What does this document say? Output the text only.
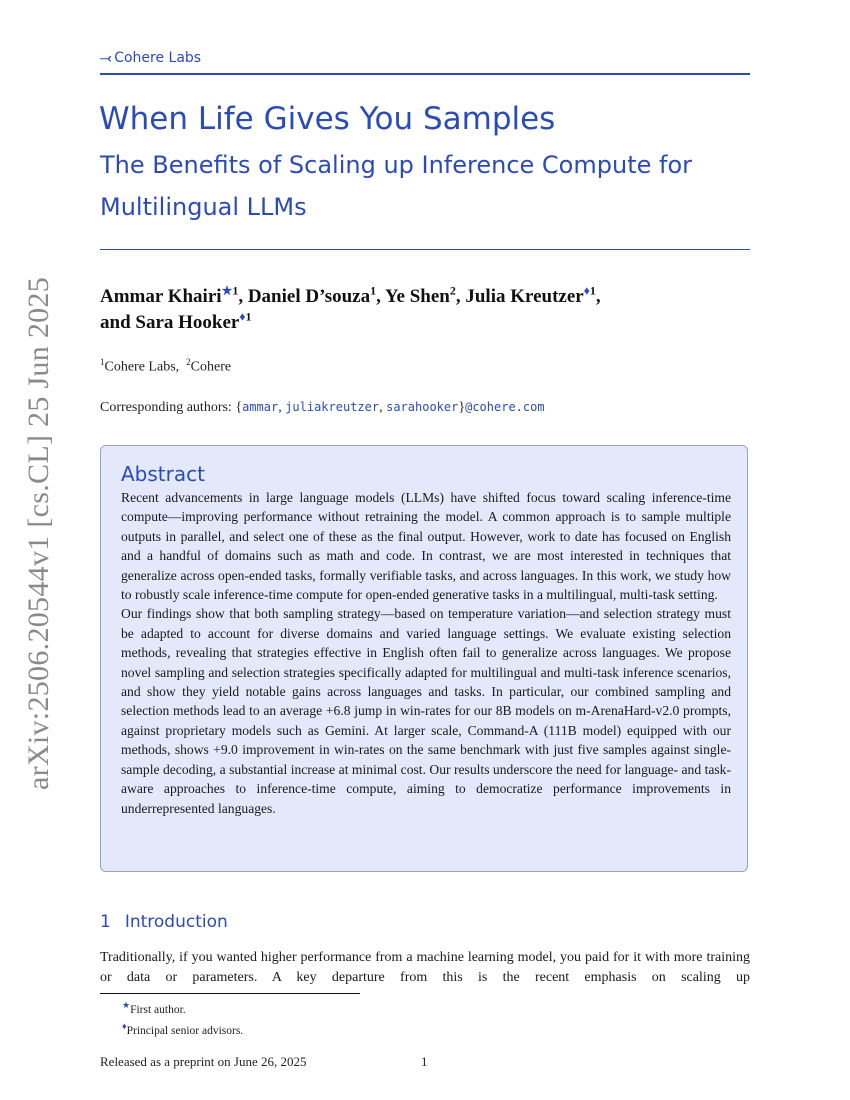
arXiv:2506.20544v1 [cs.CL] 25 Jun 2025
⤙ Cohere Labs
When Life Gives You Samples
The Benefits of Scaling up Inference Compute for Multilingual LLMs
Ammar Khairi$^{★1}$, Daniel D’souza$^1$, Ye Shen$^2$, Julia Kreutzer$^{♦1}$,
and Sara Hooker$^{♦1}$
$^1$Cohere Labs, $^2$Cohere
Corresponding authors: {ammar, juliakreutzer, sarahooker}@cohere.com
Abstract

Recent advancements in large language models (LLMs) have shifted focus toward scaling inference-time compute—improving performance without retraining the model. A common approach is to sample multiple outputs in parallel, and select one of these as the final output. However, work to date has focused on English and a handful of domains such as math and code. In contrast, we are most interested in techniques that generalize across open-ended tasks, formally verifiable tasks, and across languages. In this work, we study how to robustly scale inference-time compute for open-ended generative tasks in a multilingual, multi-task setting.

Our findings show that both sampling strategy—based on temperature variation—and selection strategy must be adapted to account for diverse domains and varied language settings. We evaluate existing selection methods, revealing that strategies effective in English often fail to generalize across languages. We propose novel sampling and selection strategies specifically adapted for multilingual and multi-task inference scenarios, and show they yield notable gains across languages and tasks. In particular, our combined sampling and selection methods lead to an average +6.8 jump in win-rates for our 8B models on m-ArenaHard-v2.0 prompts, against proprietary models such as Gemini. At larger scale, Command-A (111B model) equipped with our methods, shows +9.0 improvement in win-rates on the same benchmark with just five samples against single-sample decoding, a substantial increase at minimal cost. Our results underscore the need for language- and task-aware approaches to inference-time compute, aiming to democratize performance improvements in underrepresented languages.

1 Introduction
Traditionally, if you wanted higher performance from a machine learning model, you paid for it with more training or data or parameters. A key departure from this is the recent emphasis on scaling up
★First author.
♦Principal senior advisors.
Released as a preprint on June 26, 2025	1
